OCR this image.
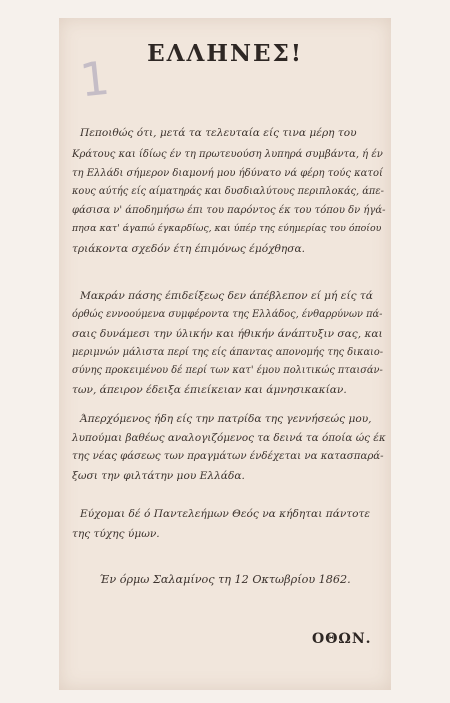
1	ΕΛΛΗΝΕΣ!
Πεποιθώς ότι, μετά τα τελευταία είς τινα μέρη του
Κράτους και ίδίως έν τη πρωτευούση λυπηρά συμβάντα, ή έν
τη Ελλάδι σήμερον διαμονή μου ήδύνατο νά φέρη τούς κατοί
κους αύτής είς αίματηράς και δυσδιαλύτους περιπλοκάς, άπε-
φάσισα ν' άποδημήσω έπι του παρόντος έκ του τόπου δν ήγά-
πησα κατ' άγαπώ έγκαρδίως, και ύπέρ της εύημερίας του όποίου
τριάκοντα σχεδόν έτη έπιμόνως έμόχθησα.
Μακράν πάσης έπιδείξεως δεν άπέβλεπον εί μή είς τά
όρθώς εννοούμενα συμφέροντα της Ελλάδος, ένθαρρύνων πά-
σαις δυνάμεσι την ύλικήν και ήθικήν άνάπτυξιν σας, και
μεριμνών μάλιστα περί της είς άπαντας απονομής της δικαιο-
σύνης προκειμένου δέ περί των κατ' έμου πολιτικώς πταισάν-
των, άπειρον έδειξα έπιείκειαν και άμνησικακίαν.
Άπερχόμενος ήδη είς την πατρίδα της γεννήσεώς μου,
λυπούμαι βαθέως αναλογιζόμενος τα δεινά τα όποία ώς έκ
της νέας φάσεως των πραγμάτων ένδέχεται να κατασπαρά-
ξωσι την φιλτάτην μου Ελλάδα.
Εύχομαι δέ ό Παντελεήμων Θεός να κήδηται πάντοτε
της τύχης ύμων.
Έν όρμω Σαλαμίνος τη 12 Οκτωβρίου 1862.
ΟΘΩΝ.
